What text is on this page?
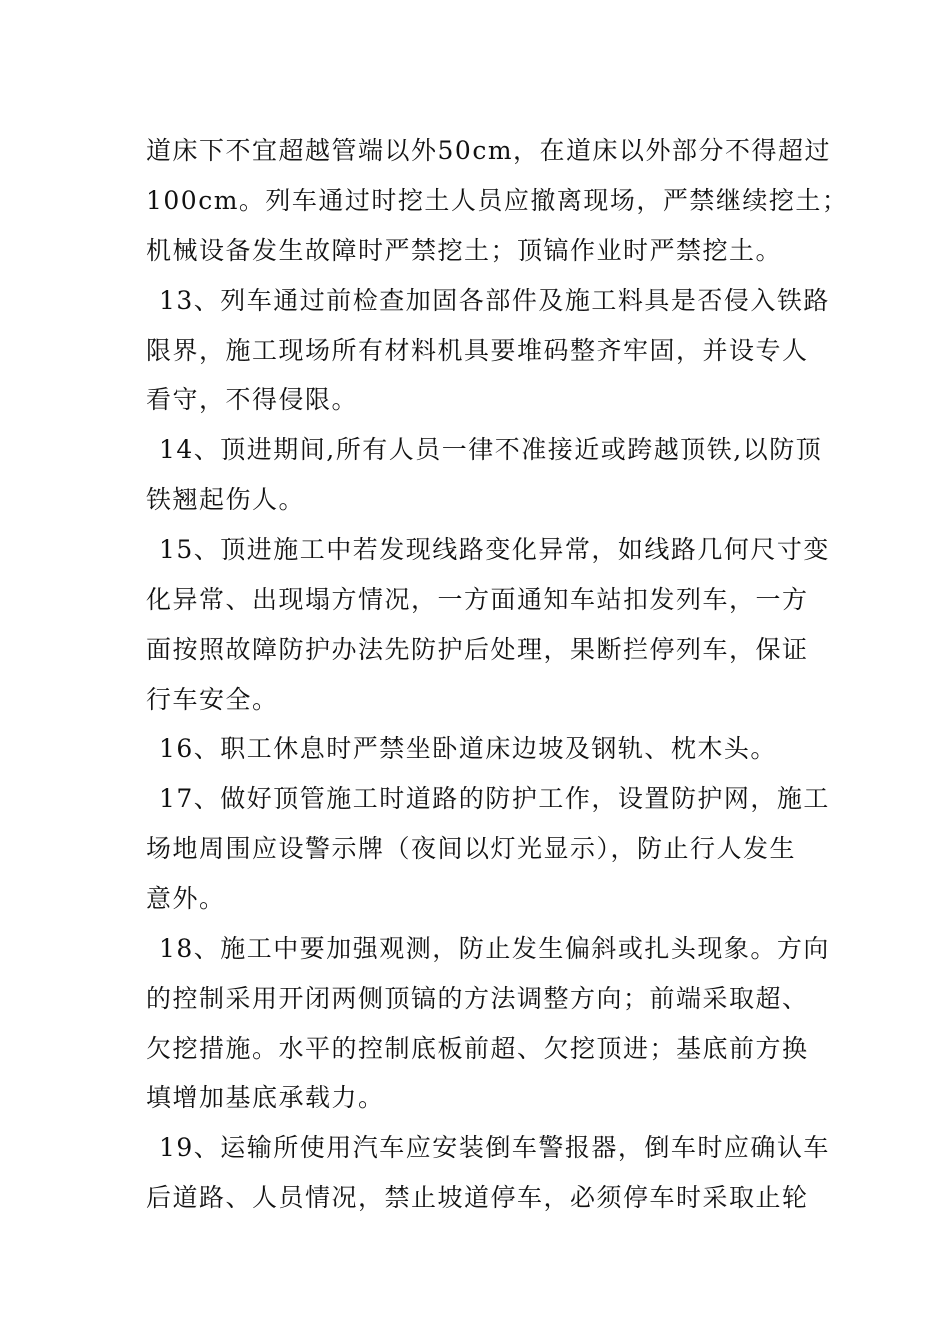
道床下不宜超越管端以外50cm，在道床以外部分不得超过
100cm。列车通过时挖土人员应撤离现场，严禁继续挖土；
机械设备发生故障时严禁挖土；顶镐作业时严禁挖土。
13、列车通过前检查加固各部件及施工料具是否侵入铁路
限界，施工现场所有材料机具要堆码整齐牢固，并设专人
看守，不得侵限。
14、顶进期间,所有人员一律不准接近或跨越顶铁,以防顶
铁翘起伤人。
15、顶进施工中若发现线路变化异常，如线路几何尺寸变
化异常、出现塌方情况，一方面通知车站扣发列车，一方
面按照故障防护办法先防护后处理，果断拦停列车，保证
行车安全。
16、职工休息时严禁坐卧道床边坡及钢轨、枕木头。
17、做好顶管施工时道路的防护工作，设置防护网，施工
场地周围应设警示牌（夜间以灯光显示），防止行人发生
意外。
18、施工中要加强观测，防止发生偏斜或扎头现象。方向
的控制采用开闭两侧顶镐的方法调整方向；前端采取超、
欠挖措施。水平的控制底板前超、欠挖顶进；基底前方换
填增加基底承载力。
19、运输所使用汽车应安装倒车警报器，倒车时应确认车
后道路、人员情况，禁止坡道停车，必须停车时采取止轮
